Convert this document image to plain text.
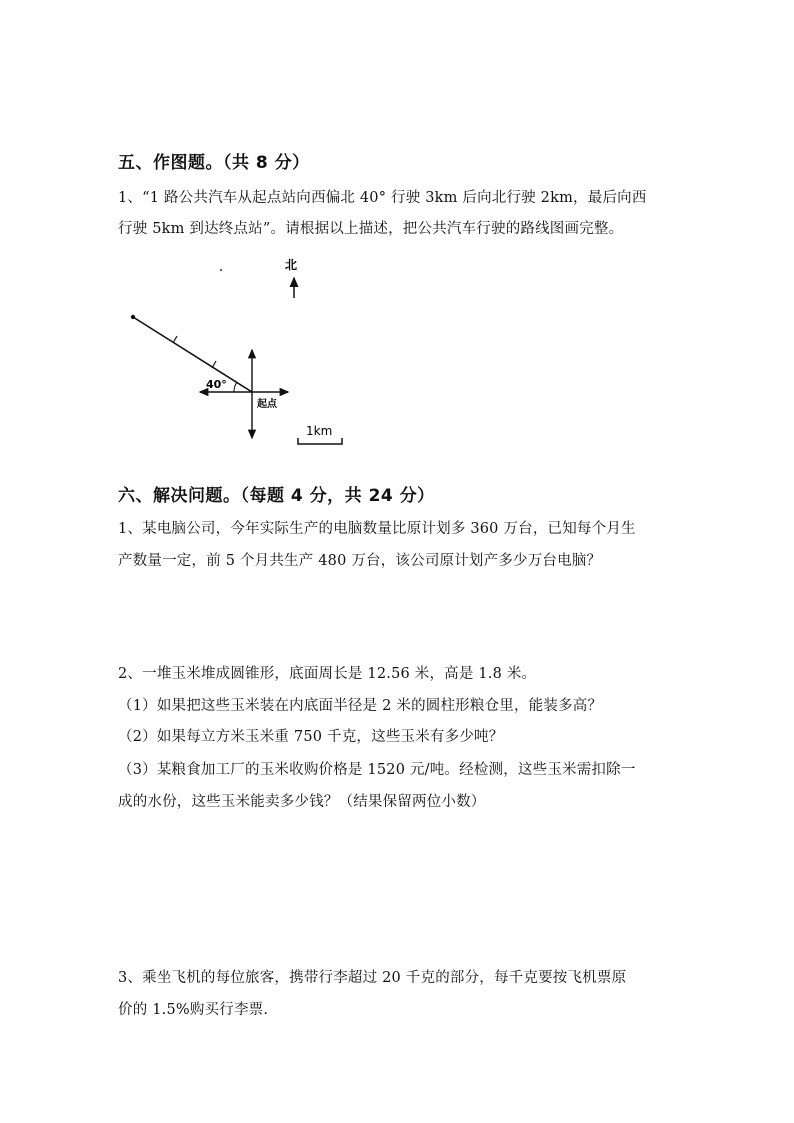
五、作图题。（共 8 分）
1、“1 路公共汽车从起点站向西偏北 40° 行驶 3km 后向北行驶 2km，最后向西
行驶 5km 到达终点站”。请根据以上描述，把公共汽车行驶的路线图画完整。
北
40°
起点
1km
六、解决问题。（每题 4 分，共 24 分）
1、某电脑公司，今年实际生产的电脑数量比原计划多 360 万台，已知每个月生
产数量一定，前 5 个月共生产 480 万台，该公司原计划产多少万台电脑？
2、一堆玉米堆成圆锥形，底面周长是 12.56 米，高是 1.8 米。
（1）如果把这些玉米装在内底面半径是 2 米的圆柱形粮仓里，能装多高？
（2）如果每立方米玉米重 750 千克，这些玉米有多少吨？
（3）某粮食加工厂的玉米收购价格是 1520 元/吨。经检测，这些玉米需扣除一
成的水份，这些玉米能卖多少钱？（结果保留两位小数）
3、乘坐飞机的每位旅客，携带行李超过 20 千克的部分，每千克要按飞机票原
价的 1.5%购买行李票.
